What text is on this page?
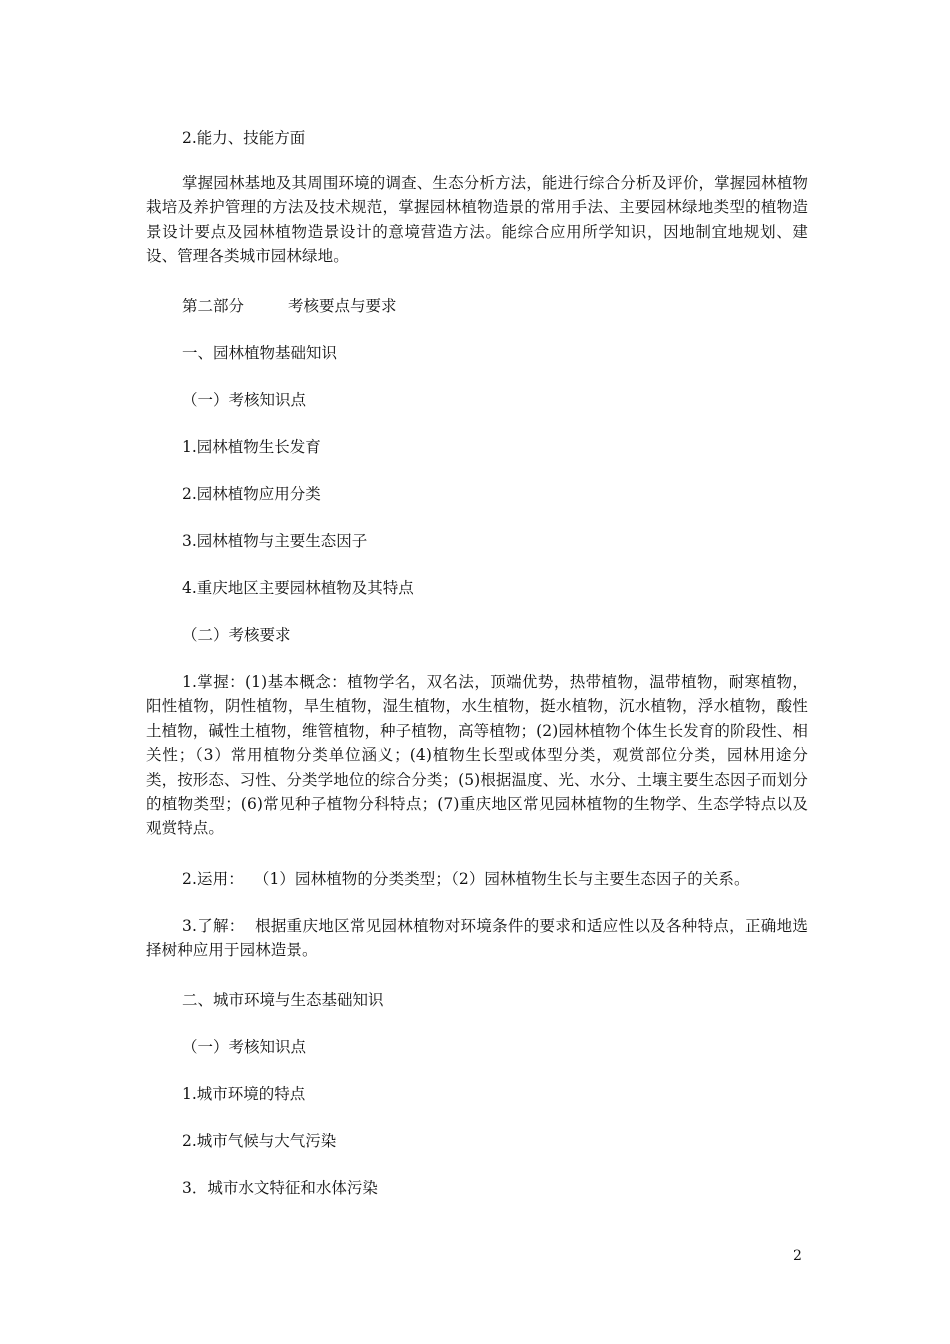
2.能力、技能方面
掌握园林基地及其周围环境的调查、生态分析方法，能进行综合分析及评价，掌握园林植物栽培及养护管理的方法及技术规范，掌握园林植物造景的常用手法、主要园林绿地类型的植物造景设计要点及园林植物造景设计的意境营造方法。能综合应用所学知识，因地制宜地规划、建设、管理各类城市园林绿地。
第二部分	考核要点与要求
一、园林植物基础知识
（一）考核知识点
1.园林植物生长发育
2.园林植物应用分类
3.园林植物与主要生态因子
4.重庆地区主要园林植物及其特点
（二）考核要求
1.掌握：(1)基本概念：植物学名，双名法，顶端优势，热带植物，温带植物，耐寒植物，阳性植物，阴性植物，旱生植物，湿生植物，水生植物，挺水植物，沉水植物，浮水植物，酸性土植物，碱性土植物，维管植物，种子植物，高等植物；(2)园林植物个体生长发育的阶段性、相关性；（3）常用植物分类单位涵义；(4)植物生长型或体型分类，观赏部位分类，园林用途分类，按形态、习性、分类学地位的综合分类；(5)根据温度、光、水分、土壤主要生态因子而划分的植物类型；(6)常见种子植物分科特点；(7)重庆地区常见园林植物的生物学、生态学特点以及观赏特点。
2.运用：  （1）园林植物的分类类型；（2）园林植物生长与主要生态因子的关系。
3.了解：  根据重庆地区常见园林植物对环境条件的要求和适应性以及各种特点，正确地选择树种应用于园林造景。
二、城市环境与生态基础知识
（一）考核知识点
1.城市环境的特点
2.城市气候与大气污染
3．城市水文特征和水体污染
2
